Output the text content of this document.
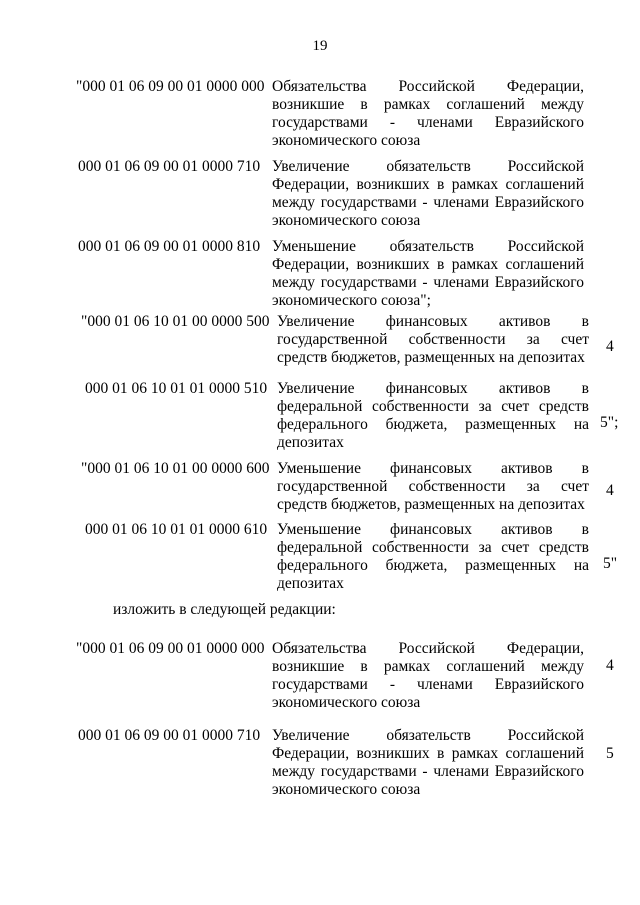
19
"000 01 06 09 00 01 0000 000 Обязательства Российской Федерации, возникшие в рамках соглашений между государствами - членами Евразийского экономического союза
000 01 06 09 00 01 0000 710 Увеличение обязательств Российской Федерации, возникших в рамках соглашений между государствами - членами Евразийского экономического союза
000 01 06 09 00 01 0000 810 Уменьшение обязательств Российской Федерации, возникших в рамках соглашений между государствами - членами Евразийского экономического союза";
"000 01 06 10 01 00 0000 500 Увеличение финансовых активов в государственной собственности за счет средств бюджетов, размещенных на депозитах
4
000 01 06 10 01 01 0000 510 Увеличение финансовых активов в федеральной собственности за счет средств федерального бюджета, размещенных на депозитах
5";
"000 01 06 10 01 00 0000 600 Уменьшение финансовых активов в государственной собственности за счет средств бюджетов, размещенных на депозитах
4
000 01 06 10 01 01 0000 610 Уменьшение финансовых активов в федеральной собственности за счет средств федерального бюджета, размещенных на депозитах
5"
изложить в следующей редакции:
"000 01 06 09 00 01 0000 000 Обязательства Российской Федерации, возникшие в рамках соглашений между государствами - членами Евразийского экономического союза
4
000 01 06 09 00 01 0000 710 Увеличение обязательств Российской Федерации, возникших в рамках соглашений между государствами - членами Евразийского экономического союза
5
